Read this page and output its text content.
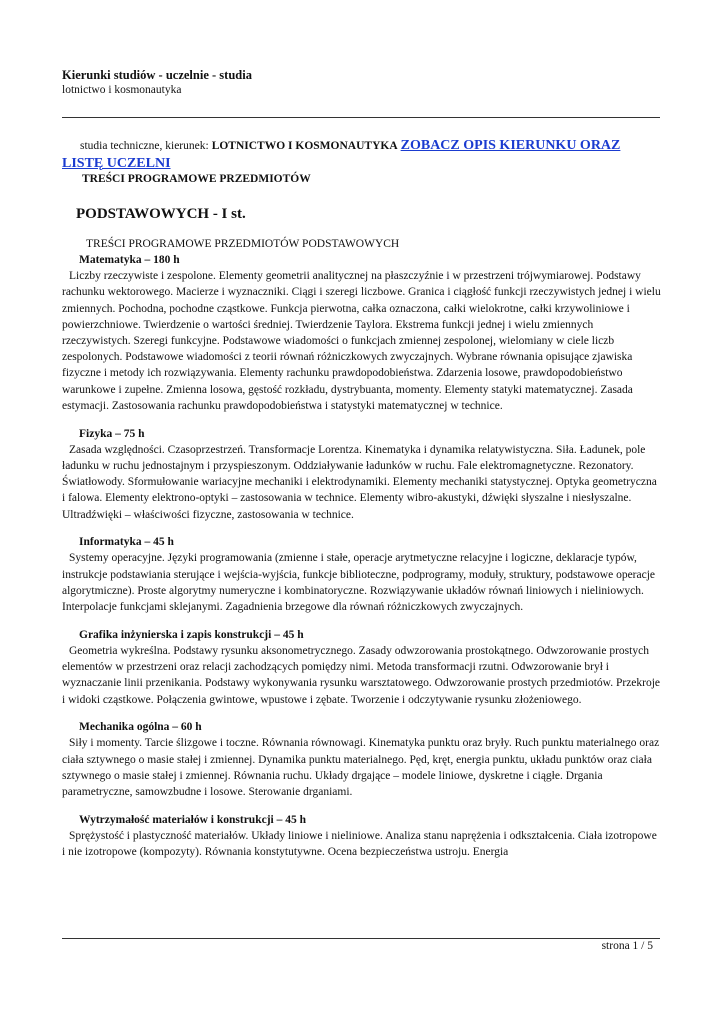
Kierunki studiów - uczelnie - studia
lotnictwo i kosmonautyka
studia techniczne, kierunek: LOTNICTWO I KOSMONAUTYKA ZOBACZ OPIS KIERUNKU ORAZ LISTĘ UCZELNI
TREŚCI PROGRAMOWE PRZEDMIOTÓW
PODSTAWOWYCH - I st.
TREŚCI PROGRAMOWE PRZEDMIOTÓW PODSTAWOWYCH
Matematyka – 180 h

Liczby rzeczywiste i zespolone. Elementy geometrii analitycznej na płaszczyźnie i w przestrzeni trójwymiarowej. Podstawy rachunku wektorowego. Macierze i wyznaczniki. Ciągi i szeregi liczbowe. Granica i ciągłość funkcji rzeczywistych jednej i wielu zmiennych. Pochodna, pochodne cząstkowe. Funkcja pierwotna, całka oznaczona, całki wielokrotne, całki krzywoliniowe i powierzchniowe. Twierdzenie o wartości średniej. Twierdzenie Taylora. Ekstrema funkcji jednej i wielu zmiennych rzeczywistych. Szeregi funkcyjne. Podstawowe wiadomości o funkcjach zmiennej zespolonej, wielomiany w ciele liczb zespolonych. Podstawowe wiadomości z teorii równań różniczkowych zwyczajnych. Wybrane równania opisujące zjawiska fizyczne i metody ich rozwiązywania. Elementy rachunku prawdopodobieństwa. Zdarzenia losowe, prawdopodobieństwo warunkowe i zupełne. Zmienna losowa, gęstość rozkładu, dystrybuanta, momenty. Elementy statyki matematycznej. Zasada estymacji. Zastosowania rachunku prawdopodobieństwa i statystyki matematycznej w technice.

Fizyka – 75 h

Zasada względności. Czasoprzestrzeń. Transformacje Lorentza. Kinematyka i dynamika relatywistyczna. Siła. Ładunek, pole ładunku w ruchu jednostajnym i przyspieszonym. Oddziaływanie ładunków w ruchu. Fale elektromagnetyczne. Rezonatory. Światłowody. Sformułowanie wariacyjne mechaniki i elektrodynamiki. Elementy mechaniki statystycznej. Optyka geometryczna i falowa. Elementy elektrono-optyki – zastosowania w technice. Elementy wibro-akustyki, dźwięki słyszalne i niesłyszalne. Ultradźwięki – właściwości fizyczne, zastosowania w technice.

Informatyka – 45 h

Systemy operacyjne. Języki programowania (zmienne i stałe, operacje arytmetyczne relacyjne i logiczne, deklaracje typów, instrukcje podstawiania sterujące i wejścia-wyjścia, funkcje biblioteczne, podprogramy, moduły, struktury, podstawowe operacje algorytmiczne). Proste algorytmy numeryczne i kombinatoryczne. Rozwiązywanie układów równań liniowych i nieliniowych. Interpolacje funkcjami sklejanymi. Zagadnienia brzegowe dla równań różniczkowych zwyczajnych.

Grafika inżynierska i zapis konstrukcji – 45 h

Geometria wykreślna. Podstawy rysunku aksonometrycznego. Zasady odwzorowania prostokątnego. Odwzorowanie prostych elementów w przestrzeni oraz relacji zachodzących pomiędzy nimi. Metoda transformacji rzutni. Odwzorowanie brył i wyznaczanie linii przenikania. Podstawy wykonywania rysunku warsztatowego. Odwzorowanie prostych przedmiotów. Przekroje i widoki cząstkowe. Połączenia gwintowe, wpustowe i zębate. Tworzenie i odczytywanie rysunku złożeniowego.

Mechanika ogólna – 60 h

Siły i momenty. Tarcie ślizgowe i toczne. Równania równowagi. Kinematyka punktu oraz bryły. Ruch punktu materialnego oraz ciała sztywnego o masie stałej i zmiennej. Dynamika punktu materialnego. Pęd, kręt, energia punktu, układu punktów oraz ciała sztywnego o masie stałej i zmiennej. Równania ruchu. Układy drgające – modele liniowe, dyskretne i ciągłe. Drgania parametryczne, samowzbudne i losowe. Sterowanie drganiami.

Wytrzymałość materiałów i konstrukcji – 45 h

Sprężystość i plastyczność materiałów. Układy liniowe i nieliniowe. Analiza stanu naprężenia i odkształcenia. Ciała izotropowe i nie izotropowe (kompozyty). Równania konstytutywne. Ocena bezpieczeństwa ustroju. Energia

strona 1 / 5
